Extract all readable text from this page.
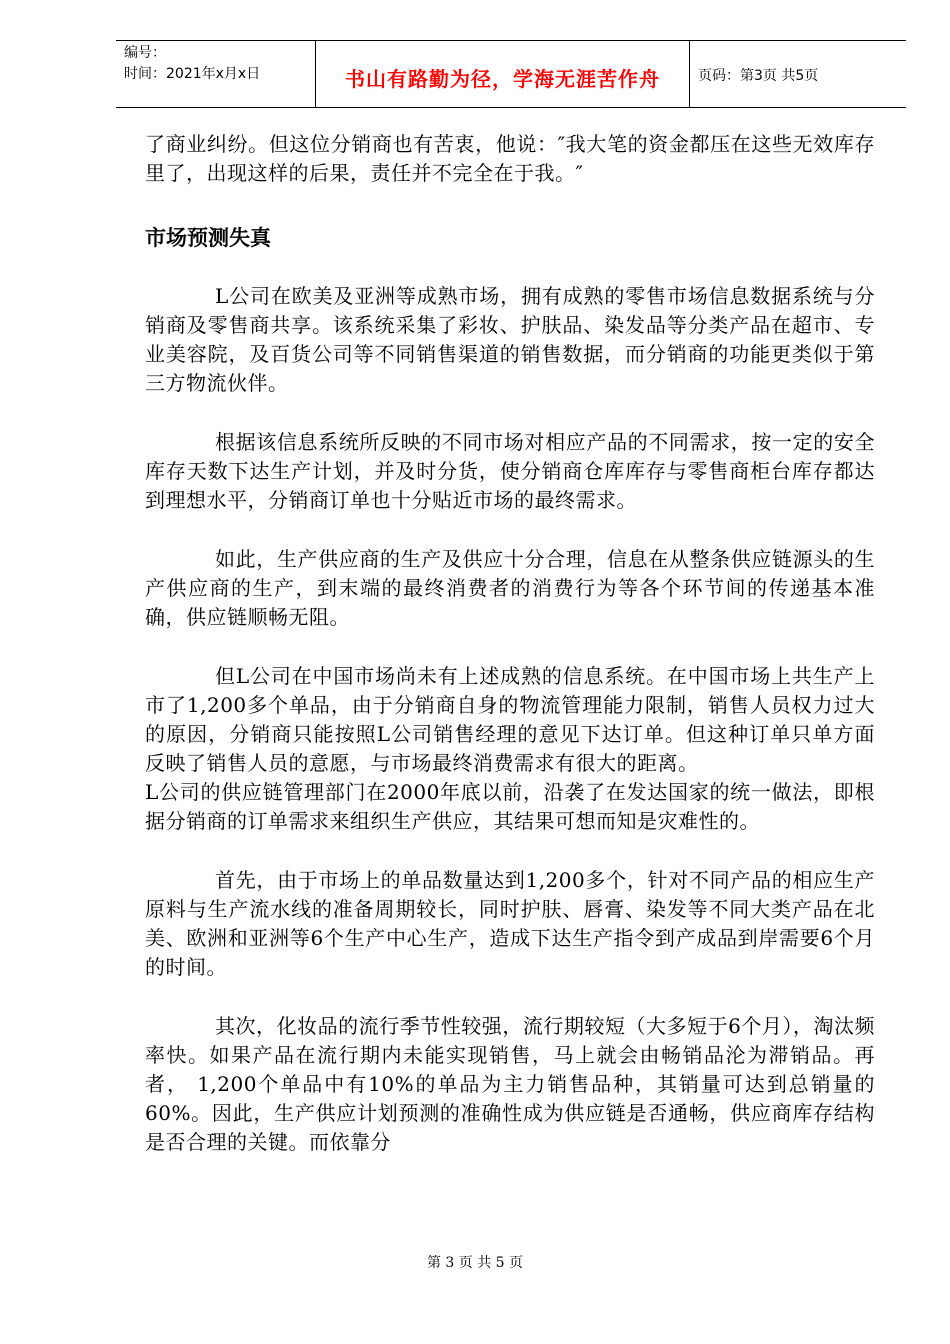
编号：
时间：2021年x月x日	书山有路勤为径，学海无涯苦作舟	页码：第3页 共5页

了商业纠纷。但这位分销商也有苦衷，他说：″我大笔的资金都压在这些无效库存里了，出现这样的后果，责任并不完全在于我。″

市场预测失真

L公司在欧美及亚洲等成熟市场，拥有成熟的零售市场信息数据系统与分销商及零售商共享。该系统采集了彩妆、护肤品、染发品等分类产品在超市、专业美容院，及百货公司等不同销售渠道的销售数据，而分销商的功能更类似于第三方物流伙伴。

根据该信息系统所反映的不同市场对相应产品的不同需求，按一定的安全库存天数下达生产计划，并及时分货，使分销商仓库库存与零售商柜台库存都达到理想水平，分销商订单也十分贴近市场的最终需求。

如此，生产供应商的生产及供应十分合理，信息在从整条供应链源头的生产供应商的生产，到末端的最终消费者的消费行为等各个环节间的传递基本准确，供应链顺畅无阻。

但L公司在中国市场尚未有上述成熟的信息系统。在中国市场上共生产上市了1,200多个单品，由于分销商自身的物流管理能力限制，销售人员权力过大的原因，分销商只能按照L公司销售经理的意见下达订单。但这种订单只单方面反映了销售人员的意愿，与市场最终消费需求有很大的距离。

L公司的供应链管理部门在2000年底以前，沿袭了在发达国家的统一做法，即根据分销商的订单需求来组织生产供应，其结果可想而知是灾难性的。

首先，由于市场上的单品数量达到1,200多个，针对不同产品的相应生产原料与生产流水线的准备周期较长，同时护肤、唇膏、染发等不同大类产品在北美、欧洲和亚洲等6个生产中心生产，造成下达生产指令到产成品到岸需要6个月的时间。

其次，化妆品的流行季节性较强，流行期较短（大多短于6个月），淘汰频率快。如果产品在流行期内未能实现销售，马上就会由畅销品沦为滞销品。再者， 1,200个单品中有10%的单品为主力销售品种，其销量可达到总销量的60%。因此，生产供应计划预测的准确性成为供应链是否通畅，供应商库存结构是否合理的关键。而依靠分

第 3 页 共 5 页
